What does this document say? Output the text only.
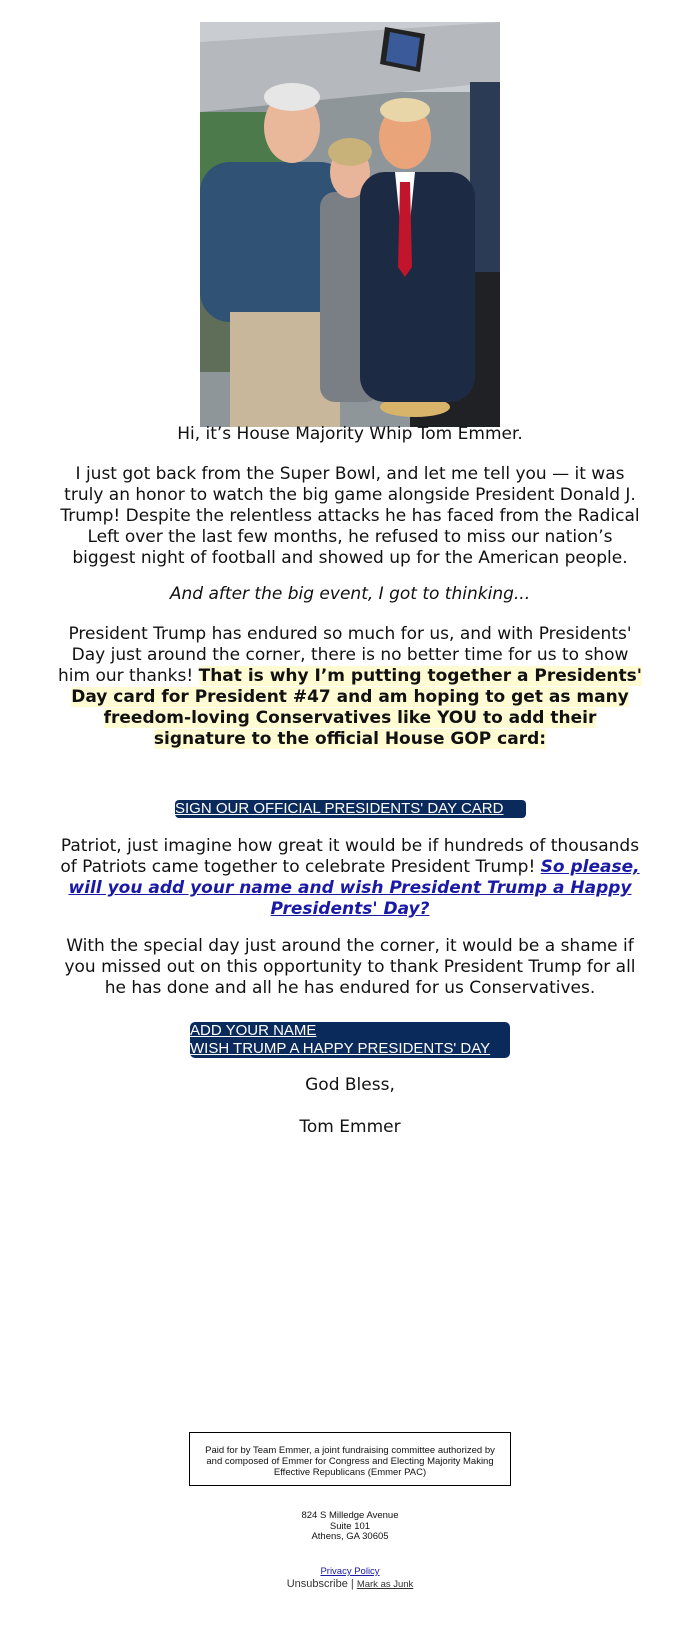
Hi, it’s House Majority Whip Tom Emmer.

I just got back from the Super Bowl, and let me tell you — it was truly an honor to watch the big game alongside President Donald J. Trump! Despite the relentless attacks he has faced from the Radical Left over the last few months, he refused to miss our nation’s biggest night of football and showed up for the American people.

And after the big event, I got to thinking...

President Trump has endured so much for us, and with Presidents' Day just around the corner, there is no better time for us to show him our thanks! That is why I’m putting together a Presidents' Day card for President #47 and am hoping to get as many freedom-loving Conservatives like YOU to add their signature to the official House GOP card:

SIGN OUR OFFICIAL PRESIDENTS' DAY CARD

Patriot, just imagine how great it would be if hundreds of thousands of Patriots came together to celebrate President Trump! So please, will you add your name and wish President Trump a Happy Presidents' Day?

With the special day just around the corner, it would be a shame if you missed out on this opportunity to thank President Trump for all he has done and all he has endured for us Conservatives.

ADD YOUR NAME
WISH TRUMP A HAPPY PRESIDENTS' DAY

God Bless,

Tom Emmer

Paid for by Team Emmer, a joint fundraising committee authorized by and composed of Emmer for Congress and Electing Majority Making Effective Republicans (Emmer PAC)
824 S Milledge Avenue
Suite 101
Athens, GA 30605
Privacy Policy
Unsubscribe | Mark as Junk
